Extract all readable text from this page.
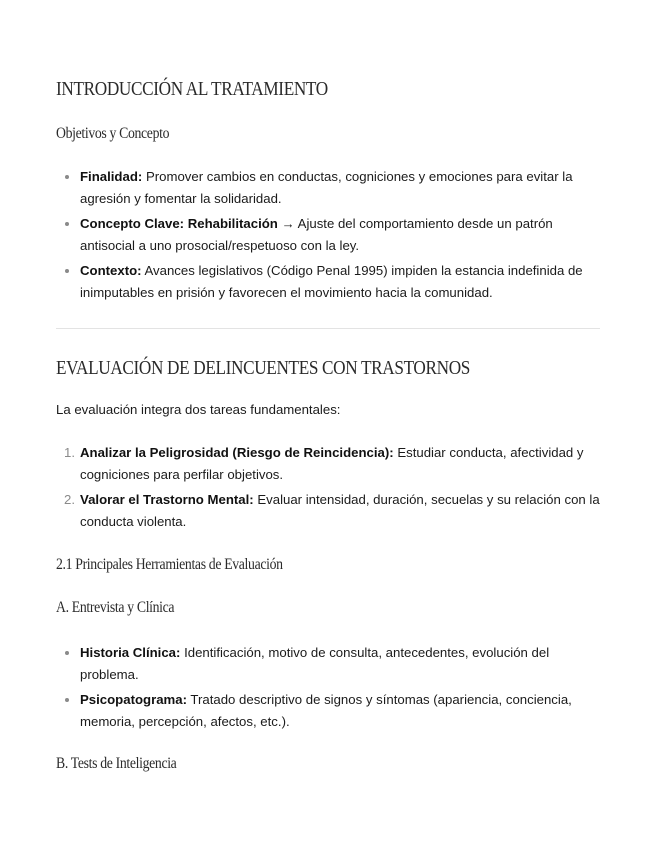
INTRODUCCIÓN AL TRATAMIENTO
Objetivos y Concepto
Finalidad: Promover cambios en conductas, cogniciones y emociones para evitar la agresión y fomentar la solidaridad.
Concepto Clave: Rehabilitación → Ajuste del comportamiento desde un patrón antisocial a uno prosocial/respetuoso con la ley.
Contexto: Avances legislativos (Código Penal 1995) impiden la estancia indefinida de inimputables en prisión y favorecen el movimiento hacia la comunidad.
EVALUACIÓN DE DELINCUENTES CON TRASTORNOS
La evaluación integra dos tareas fundamentales:
1. Analizar la Peligrosidad (Riesgo de Reincidencia): Estudiar conducta, afectividad y cogniciones para perfilar objetivos.
2. Valorar el Trastorno Mental: Evaluar intensidad, duración, secuelas y su relación con la conducta violenta.
2.1 Principales Herramientas de Evaluación
A. Entrevista y Clínica
Historia Clínica: Identificación, motivo de consulta, antecedentes, evolución del problema.
Psicopatograma: Tratado descriptivo de signos y síntomas (apariencia, conciencia, memoria, percepción, afectos, etc.).
B. Tests de Inteligencia
